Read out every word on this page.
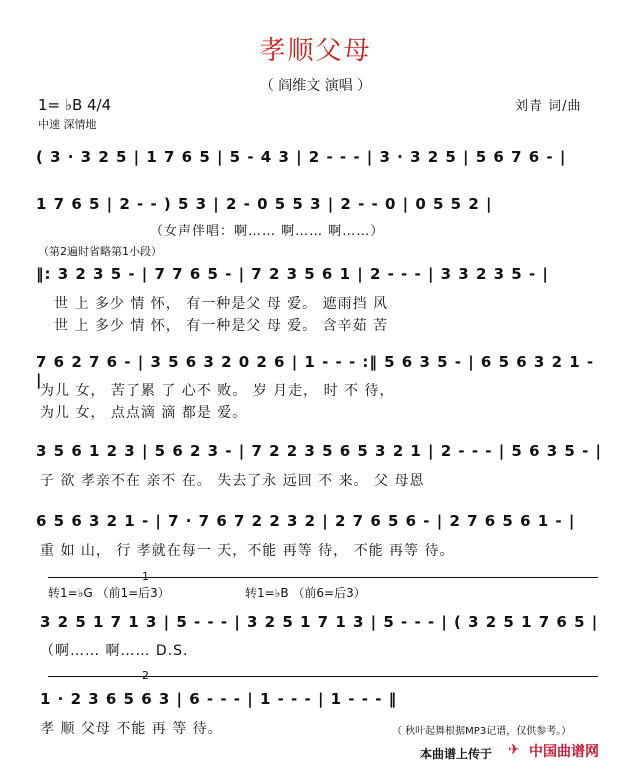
孝顺父母
（ 阎维文 演唱 ）
1= ♭B 4/4
中速 深情地
刘青 词/曲
( 3 · 3 2 5 | 1 7 6 5 | 5 - 4 3 | 2 - - - | 3 · 3 2 5 | 5 6 7 6 - |
1 7 6 5 | 2 - - ) 5 3 | 2 - 0 5 5 3 | 2 - - 0 | 0 5 5 2 |
（女声伴唱：啊…… 啊…… 啊……）
（第2遍时省略第1小段）
‖: 3 2 3 5 - | 7 7 6 5 - | 7 2 3 5 6 1 | 2 - - - | 3 3 2 3 5 - |
世 上 多少 情 怀， 有一种是父 母 爱。 遮雨挡 风
世 上 多少 情 怀， 有一种是父 母 爱。 含辛茹 苦
7 6 2 7 6 - | 3 5 6 3 2 0 2 6 | 1 - - - :‖ 5 6 3 5 - | 6 5 6 3 2 1 - |
为儿 女， 苦了累 了 心不 败。 岁 月走， 时 不 待，
为儿 女， 点点滴 滴 都是 爱。
3 5 6 1 2 3 | 5 6 2 3 - | 7 2 2 3 5 6 5 3 2 1 | 2 - - - | 5 6 3 5 - |
子 欲 孝亲不在 亲不 在。 失去了永 远回 不 来。 父 母恩
6 5 6 3 2 1 - | 7 · 7 6 7 2 2 3 2 | 2 7 6 5 6 - | 2 7 6 5 6 1 - |
重 如 山， 行 孝就在每一 天，不能 再等 待， 不能 再等 待。
1
转1=♭G （前1=后3）	转1=♭B （前6=后3）
3 2 5 1 7 1 3 | 5 - - - | 3 2 5 1 7 1 3 | 5 - - - | ( 3 2 5 1 7 6 5 |
（啊…… 啊…… D.S.
2
1 · 2 3 6 5 6 3 | 6 - - - | 1 - - - | 1 - - - ‖
孝 顺 父母 不能 再 等 待。	（ 秋叶起舞根据MP3记谱，仅供参考。）
本曲谱上传于 ✈ 中国曲谱网
